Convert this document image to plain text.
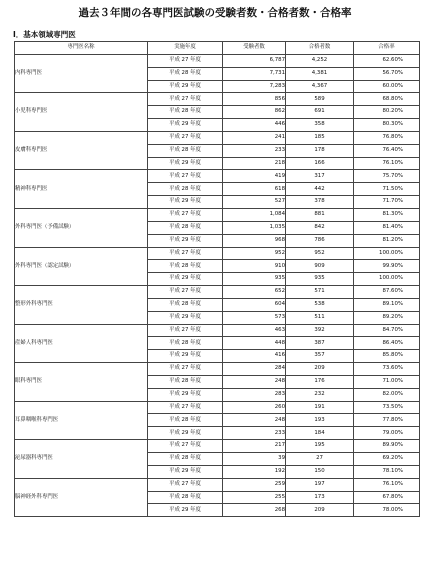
過去３年間の各専門医試験の受験者数・合格者数・合格率
Ⅰ．基本領域専門医
専門医名称	実施年度	受験者数	合格者数	合格率
内科専門医	平成 27 年度	6,787	4,252	62.60%
	平成 28 年度	7,731	4,381	56.70%
	平成 29 年度	7,283	4,367	60.00%
小児科専門医	平成 27 年度	856	589	68.80%
	平成 28 年度	862	691	80.20%
	平成 29 年度	446	358	80.30%
皮膚科専門医	平成 27 年度	241	185	76.80%
	平成 28 年度	233	178	76.40%
	平成 29 年度	218	166	76.10%
精神科専門医	平成 27 年度	419	317	75.70%
	平成 28 年度	618	442	71.50%
	平成 29 年度	527	378	71.70%
外科専門医（予備試験）	平成 27 年度	1,084	881	81.30%
	平成 28 年度	1,035	842	81.40%
	平成 29 年度	968	786	81.20%
外科専門医（認定試験）	平成 27 年度	952	952	100.00%
	平成 28 年度	910	909	99.90%
	平成 29 年度	935	935	100.00%
整形外科専門医	平成 27 年度	652	571	87.60%
	平成 28 年度	604	538	89.10%
	平成 29 年度	573	511	89.20%
産婦人科専門医	平成 27 年度	463	392	84.70%
	平成 28 年度	448	387	86.40%
	平成 29 年度	416	357	85.80%
眼科専門医	平成 27 年度	284	209	73.60%
	平成 28 年度	248	176	71.00%
	平成 29 年度	283	232	82.00%
耳鼻咽喉科専門医	平成 27 年度	260	191	73.50%
	平成 28 年度	248	193	77.80%
	平成 29 年度	233	184	79.00%
泌尿器科専門医	平成 27 年度	217	195	89.90%
	平成 28 年度	39	27	69.20%
	平成 29 年度	192	150	78.10%
脳神経外科専門医	平成 27 年度	259	197	76.10%
	平成 28 年度	255	173	67.80%
	平成 29 年度	268	209	78.00%
